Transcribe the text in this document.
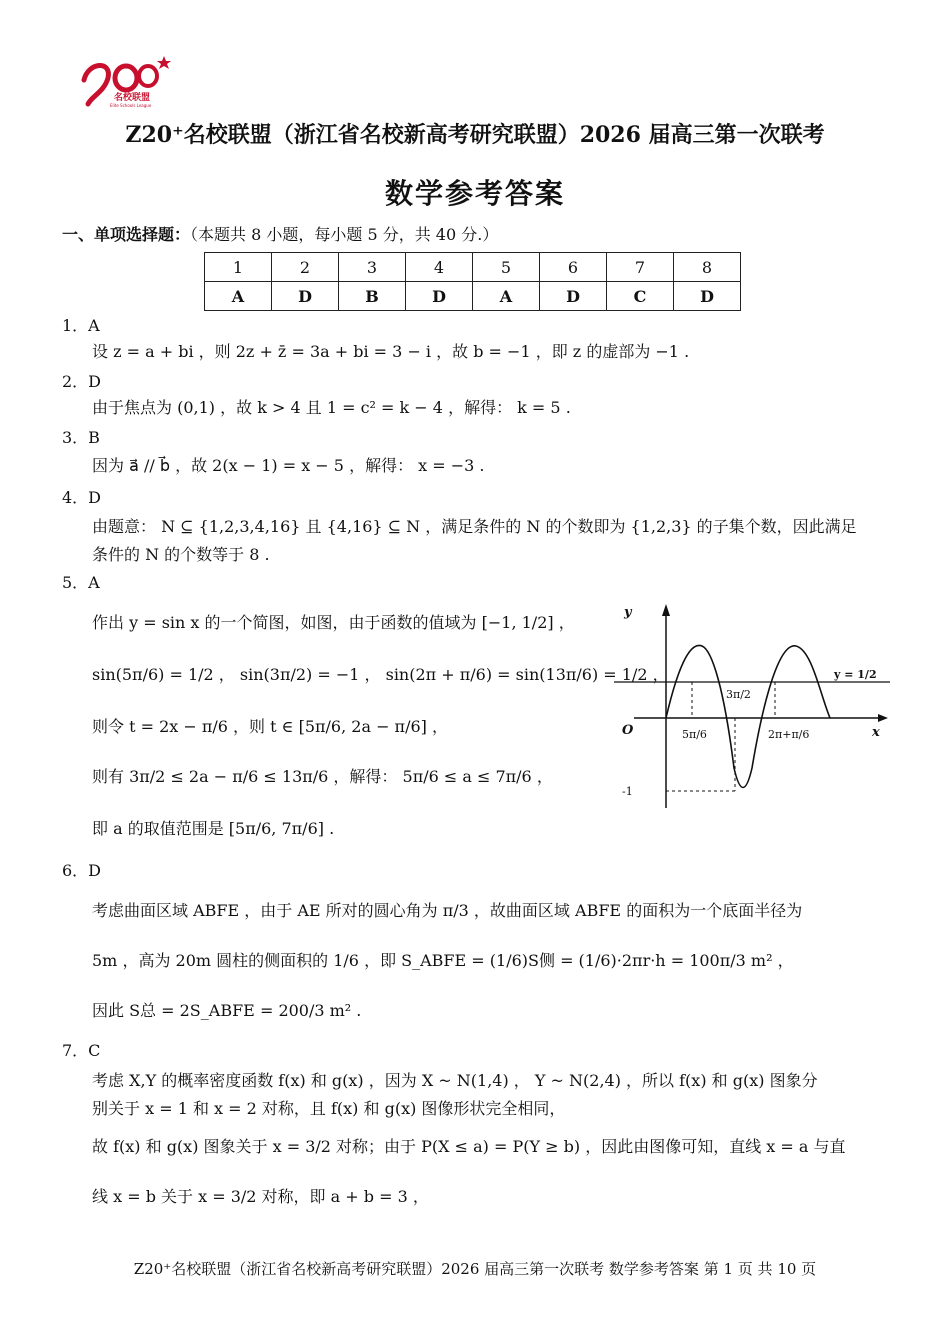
名校联盟
Elite Schools League
Z20⁺名校联盟（浙江省名校新高考研究联盟）2026 届高三第一次联考
数学参考答案
一、单项选择题：（本题共 8 小题，每小题 5 分，共 40 分.）
1	2	3	4	5	6	7	8
A	D	B	D	A	D	C	D
1．A
设 z = a + bi ，则 2z + z̄ = 3a + bi = 3 − i ，故 b = −1 ，即 z 的虚部为 −1 .
2．D
由于焦点为 (0,1) ，故 k > 4 且 1 = c² = k − 4 ，解得： k = 5 .
3．B
因为 a⃗ // b⃗ ，故 2(x − 1) = x − 5 ，解得： x = −3 .
4．D
由题意： N ⊆ {1,2,3,4,16} 且 {4,16} ⊆ N ，满足条件的 N 的个数即为 {1,2,3} 的子集个数，因此满足
条件的 N 的个数等于 8 .
5．A
作出 y = sin x 的一个简图，如图，由于函数的值域为 [−1, 1/2] ，
sin(5π/6) = 1/2 ， sin(3π/2) = −1 ， sin(2π + π/6) = sin(13π/6) = 1/2 ，
则令 t = 2x − π/6 ，则 t ∈ [5π/6, 2a − π/6] ，
则有 3π/2 ≤ 2a − π/6 ≤ 13π/6 ，解得： 5π/6 ≤ a ≤ 7π/6 ，
即 a 的取值范围是 [5π/6, 7π/6] .
y
x
O
y = 1/2
3π/2
5π/6	2π+π/6
-1
6．D
考虑曲面区域 ABFE ，由于 AE 所对的圆心角为 π/3 ，故曲面区域 ABFE 的面积为一个底面半径为
5m ，高为 20m 圆柱的侧面积的 1/6 ，即 S_ABFE = (1/6)S侧 = (1/6)·2πr·h = 100π/3 m² ，
因此 S总 = 2S_ABFE = 200/3 m² .
7．C
考虑 X,Y 的概率密度函数 f(x) 和 g(x) ，因为 X ~ N(1,4) ， Y ~ N(2,4) ，所以 f(x) 和 g(x) 图象分
别关于 x = 1 和 x = 2 对称，且 f(x) 和 g(x) 图像形状完全相同，
故 f(x) 和 g(x) 图象关于 x = 3/2 对称；由于 P(X ≤ a) = P(Y ≥ b) ，因此由图像可知，直线 x = a 与直
线 x = b 关于 x = 3/2 对称，即 a + b = 3 ，
Z20⁺名校联盟（浙江省名校新高考研究联盟）2026 届高三第一次联考 数学参考答案 第 1 页 共 10 页
